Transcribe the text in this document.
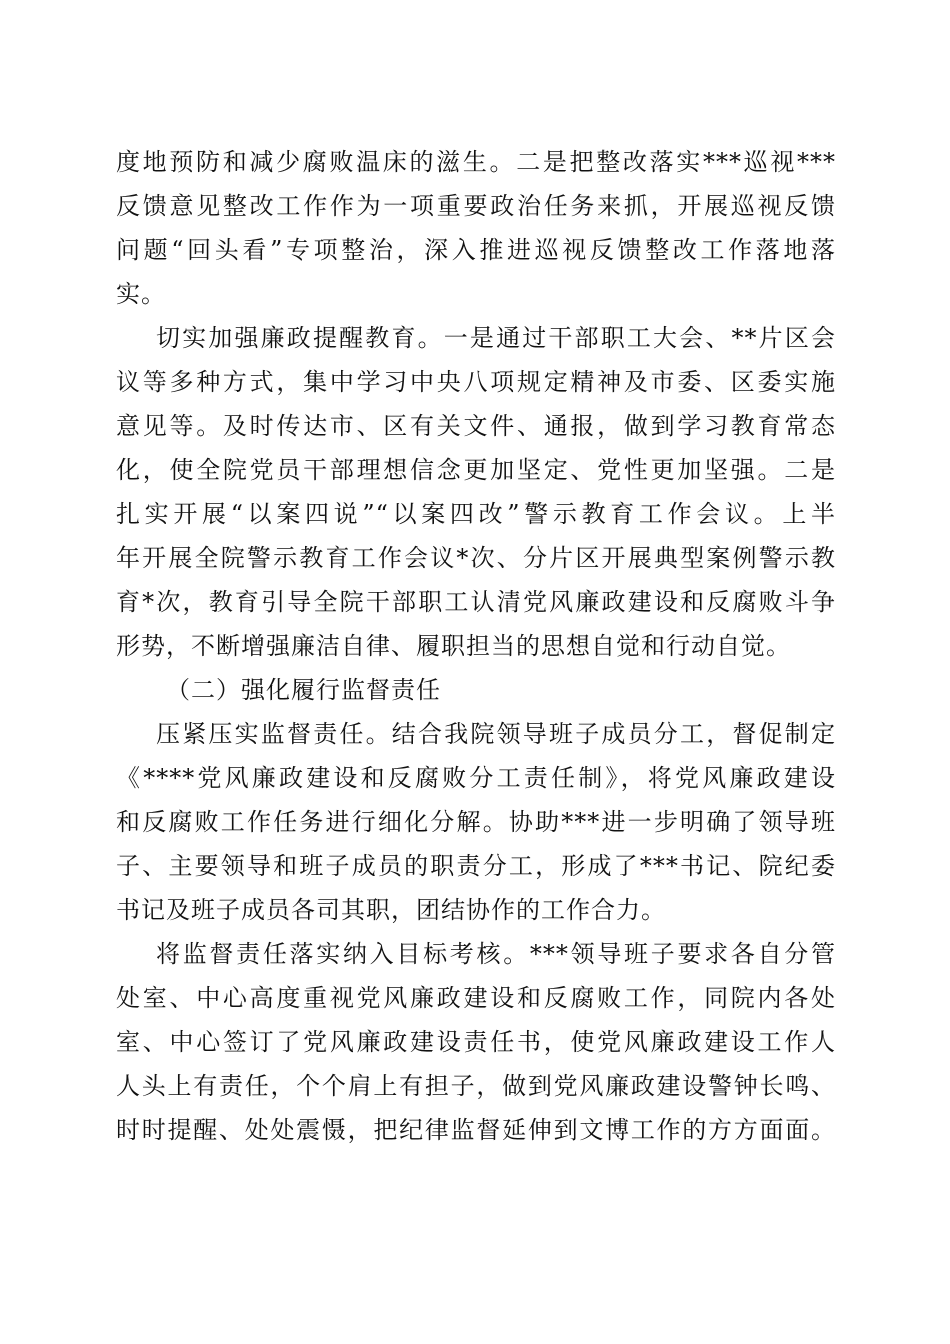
度地预防和减少腐败温床的滋生。二是把整改落实***巡视***
反馈意见整改工作作为一项重要政治任务来抓，开展巡视反馈
问题“回头看”专项整治，深入推进巡视反馈整改工作落地落
实。
切实加强廉政提醒教育。一是通过干部职工大会、**片区会
议等多种方式，集中学习中央八项规定精神及市委、区委实施
意见等。及时传达市、区有关文件、通报，做到学习教育常态
化，使全院党员干部理想信念更加坚定、党性更加坚强。二是
扎实开展“以案四说”“以案四改”警示教育工作会议。上半
年开展全院警示教育工作会议*次、分片区开展典型案例警示教
育*次，教育引导全院干部职工认清党风廉政建设和反腐败斗争
形势，不断增强廉洁自律、履职担当的思想自觉和行动自觉。
（二）强化履行监督责任
压紧压实监督责任。结合我院领导班子成员分工，督促制定
《****党风廉政建设和反腐败分工责任制》，将党风廉政建设
和反腐败工作任务进行细化分解。协助***进一步明确了领导班
子、主要领导和班子成员的职责分工，形成了***书记、院纪委
书记及班子成员各司其职，团结协作的工作合力。
将监督责任落实纳入目标考核。***领导班子要求各自分管
处室、中心高度重视党风廉政建设和反腐败工作，同院内各处
室、中心签订了党风廉政建设责任书，使党风廉政建设工作人
人头上有责任，个个肩上有担子，做到党风廉政建设警钟长鸣、
时时提醒、处处震慑，把纪律监督延伸到文博工作的方方面面。
